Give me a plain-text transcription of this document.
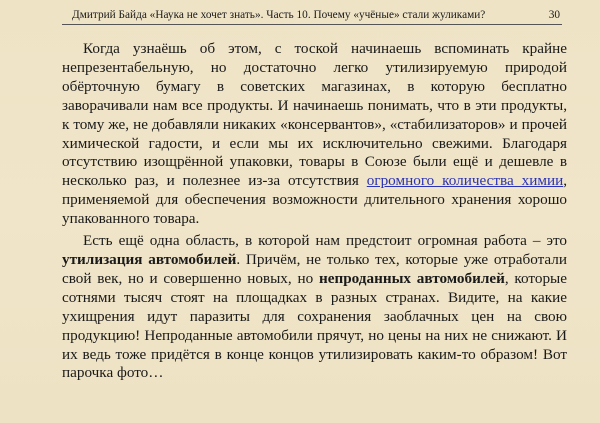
Дмитрий Байда «Наука не хочет знать». Часть 10. Почему «учёные» стали жуликами?	30

Когда узнаёшь об этом, с тоской начинаешь вспоминать крайне непрезентабельную, но достаточно легко утилизируемую природой обёрточную бумагу в советских магазинах, в которую бесплатно заворачивали нам все продукты. И начинаешь понимать, что в эти продукты, к тому же, не добавляли никаких «консервантов», «стабилизаторов» и прочей химической гадости, и если мы их исключительно свежими. Благодаря отсутствию изощрённой упаковки, товары в Союзе были ещё и дешевле в несколько раз, и полезнее из-за отсутствия огромного количества химии, применяемой для обеспечения возможности длительного хранения хорошо упакованного товара.

Есть ещё одна область, в которой нам предстоит огромная работа – это утилизация автомобилей. Причём, не только тех, которые уже отработали свой век, но и совершенно новых, но непроданных автомобилей, которые сотнями тысяч стоят на площадках в разных странах. Видите, на какие ухищрения идут паразиты для сохранения заоблачных цен на свою продукцию! Непроданные автомобили прячут, но цены на них не снижают. И их ведь тоже придётся в конце концов утилизировать каким-то образом! Вот парочка фото…
